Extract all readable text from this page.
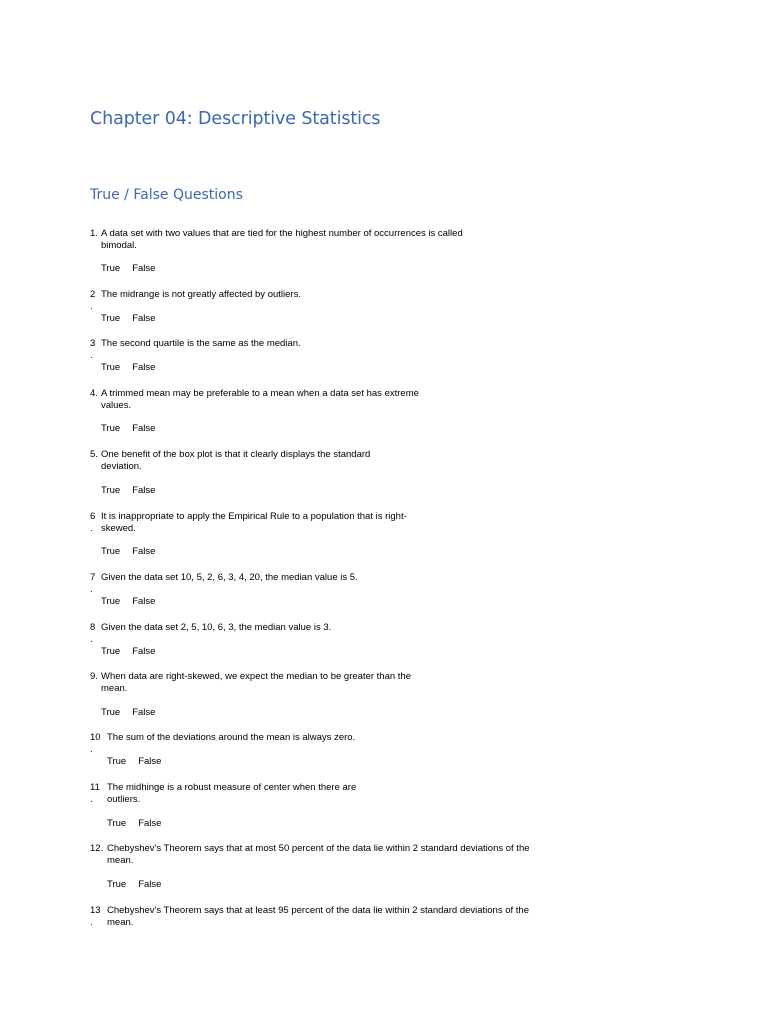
Chapter 04: Descriptive Statistics
True / False Questions
1. A data set with two values that are tied for the highest number of occurrences is called
bimodal.
True False
2
.
The midrange is not greatly affected by outliers.
True False
3
.
The second quartile is the same as the median.
True False
4. A trimmed mean may be preferable to a mean when a data set has extreme
values.
True False
5. One benefit of the box plot is that it clearly displays the standard
deviation.
True False
6
.
It is inappropriate to apply the Empirical Rule to a population that is right-
skewed.
True False
7
.
Given the data set 10, 5, 2, 6, 3, 4, 20, the median value is 5.
True False
8
.
Given the data set 2, 5, 10, 6, 3, the median value is 3.
True False
9. When data are right-skewed, we expect the median to be greater than the
mean.
True False
10
.
The sum of the deviations around the mean is always zero.
True False
11
.
The midhinge is a robust measure of center when there are
outliers.
True False
12. Chebyshev's Theorem says that at most 50 percent of the data lie within 2 standard deviations of the
mean.
True False
13
.
Chebyshev's Theorem says that at least 95 percent of the data lie within 2 standard deviations of the
mean.
